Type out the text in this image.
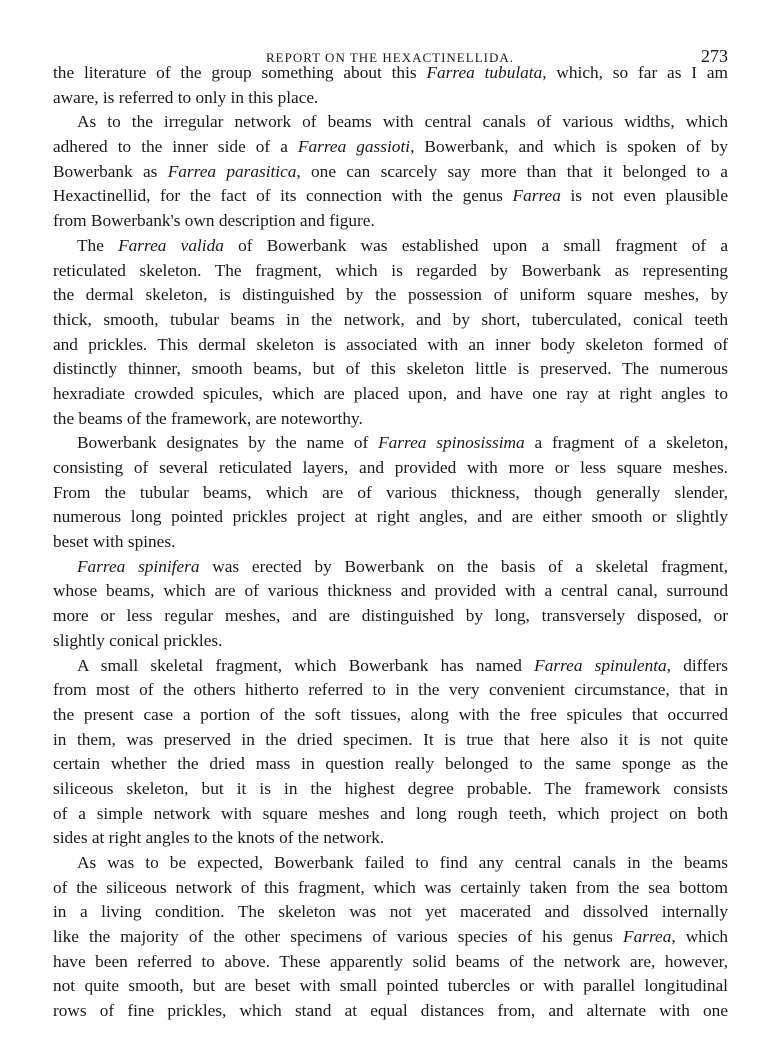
REPORT ON THE HEXACTINELLIDA.	273
the literature of the group something about this Farrea tubulata, which, so far as I am
aware, is referred to only in this place.
As to the irregular network of beams with central canals of various widths, which
adhered to the inner side of a Farrea gassioti, Bowerbank, and which is spoken of by
Bowerbank as Farrea parasitica, one can scarcely say more than that it belonged to a
Hexactinellid, for the fact of its connection with the genus Farrea is not even plausible
from Bowerbank's own description and figure.
The Farrea valida of Bowerbank was established upon a small fragment of a
reticulated skeleton. The fragment, which is regarded by Bowerbank as representing
the dermal skeleton, is distinguished by the possession of uniform square meshes, by
thick, smooth, tubular beams in the network, and by short, tuberculated, conical teeth
and prickles. This dermal skeleton is associated with an inner body skeleton formed of
distinctly thinner, smooth beams, but of this skeleton little is preserved. The numerous
hexradiate crowded spicules, which are placed upon, and have one ray at right angles to
the beams of the framework, are noteworthy.
Bowerbank designates by the name of Farrea spinosissima a fragment of a skeleton,
consisting of several reticulated layers, and provided with more or less square meshes.
From the tubular beams, which are of various thickness, though generally slender,
numerous long pointed prickles project at right angles, and are either smooth or slightly
beset with spines.
Farrea spinifera was erected by Bowerbank on the basis of a skeletal fragment,
whose beams, which are of various thickness and provided with a central canal, surround
more or less regular meshes, and are distinguished by long, transversely disposed, or
slightly conical prickles.
A small skeletal fragment, which Bowerbank has named Farrea spinulenta, differs
from most of the others hitherto referred to in the very convenient circumstance, that in
the present case a portion of the soft tissues, along with the free spicules that occurred
in them, was preserved in the dried specimen. It is true that here also it is not quite
certain whether the dried mass in question really belonged to the same sponge as the
siliceous skeleton, but it is in the highest degree probable. The framework consists
of a simple network with square meshes and long rough teeth, which project on both
sides at right angles to the knots of the network.
As was to be expected, Bowerbank failed to find any central canals in the beams
of the siliceous network of this fragment, which was certainly taken from the sea bottom
in a living condition. The skeleton was not yet macerated and dissolved internally
like the majority of the other specimens of various species of his genus Farrea, which
have been referred to above. These apparently solid beams of the network are, however,
not quite smooth, but are beset with small pointed tubercles or with parallel longitudinal
rows of fine prickles, which stand at equal distances from, and alternate with one
